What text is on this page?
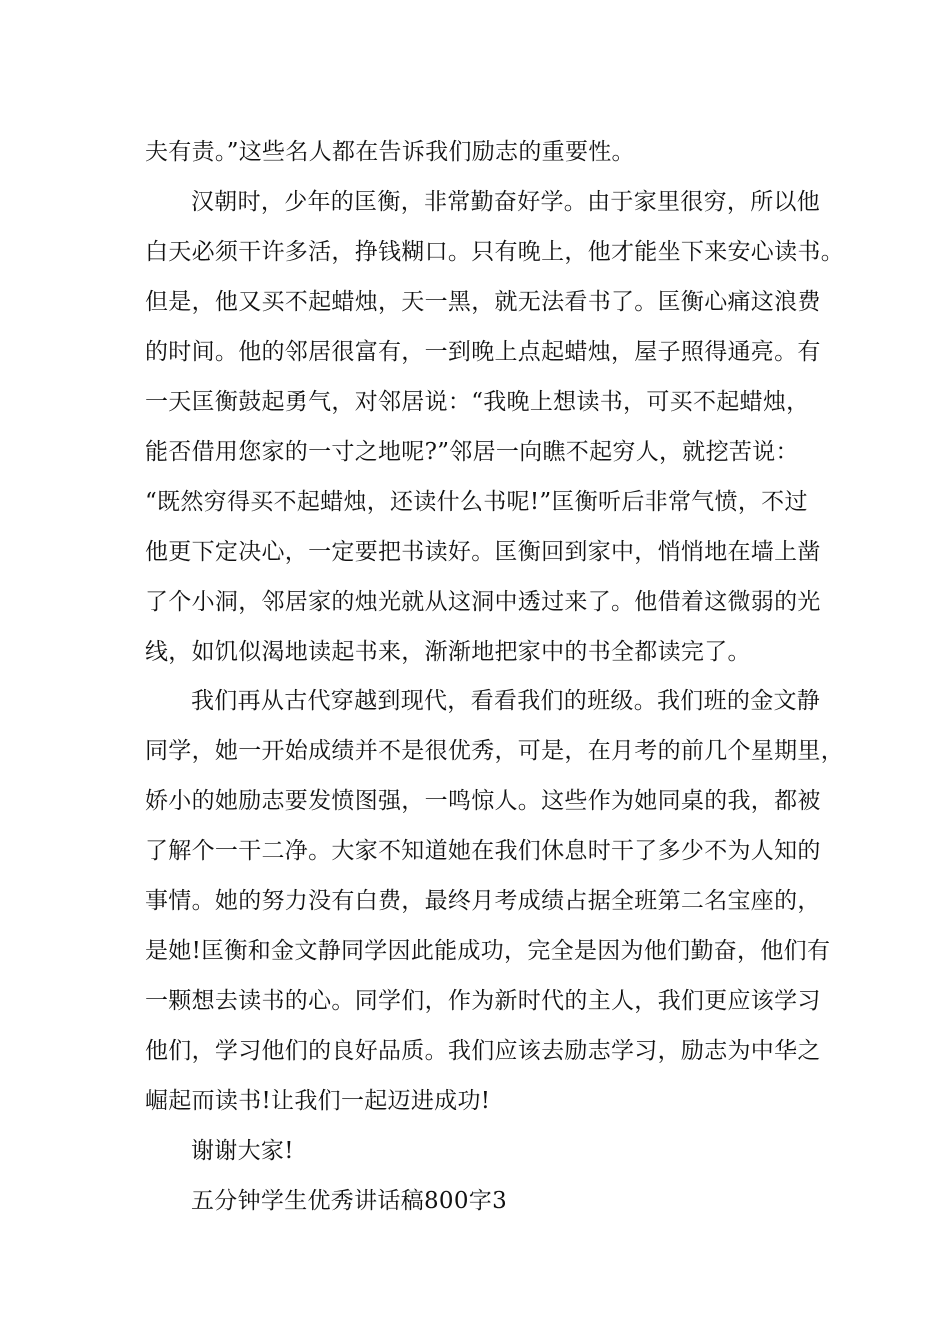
夫有责。”这些名人都在告诉我们励志的重要性。
汉朝时，少年的匡衡，非常勤奋好学。由于家里很穷，所以他
白天必须干许多活，挣钱糊口。只有晚上，他才能坐下来安心读书。
但是，他又买不起蜡烛，天一黑，就无法看书了。匡衡心痛这浪费
的时间。他的邻居很富有，一到晚上点起蜡烛，屋子照得通亮。有
一天匡衡鼓起勇气，对邻居说：“我晚上想读书，可买不起蜡烛，
能否借用您家的一寸之地呢?”邻居一向瞧不起穷人，就挖苦说：
“既然穷得买不起蜡烛，还读什么书呢!”匡衡听后非常气愤，不过
他更下定决心，一定要把书读好。匡衡回到家中，悄悄地在墙上凿
了个小洞，邻居家的烛光就从这洞中透过来了。他借着这微弱的光
线，如饥似渴地读起书来，渐渐地把家中的书全都读完了。
我们再从古代穿越到现代，看看我们的班级。我们班的金文静
同学，她一开始成绩并不是很优秀，可是，在月考的前几个星期里，
娇小的她励志要发愤图强，一鸣惊人。这些作为她同桌的我，都被
了解个一干二净。大家不知道她在我们休息时干了多少不为人知的
事情。她的努力没有白费，最终月考成绩占据全班第二名宝座的，
是她!匡衡和金文静同学因此能成功，完全是因为他们勤奋，他们有
一颗想去读书的心。同学们，作为新时代的主人，我们更应该学习
他们，学习他们的良好品质。我们应该去励志学习，励志为中华之
崛起而读书!让我们一起迈进成功!
谢谢大家!
五分钟学生优秀讲话稿800字3
